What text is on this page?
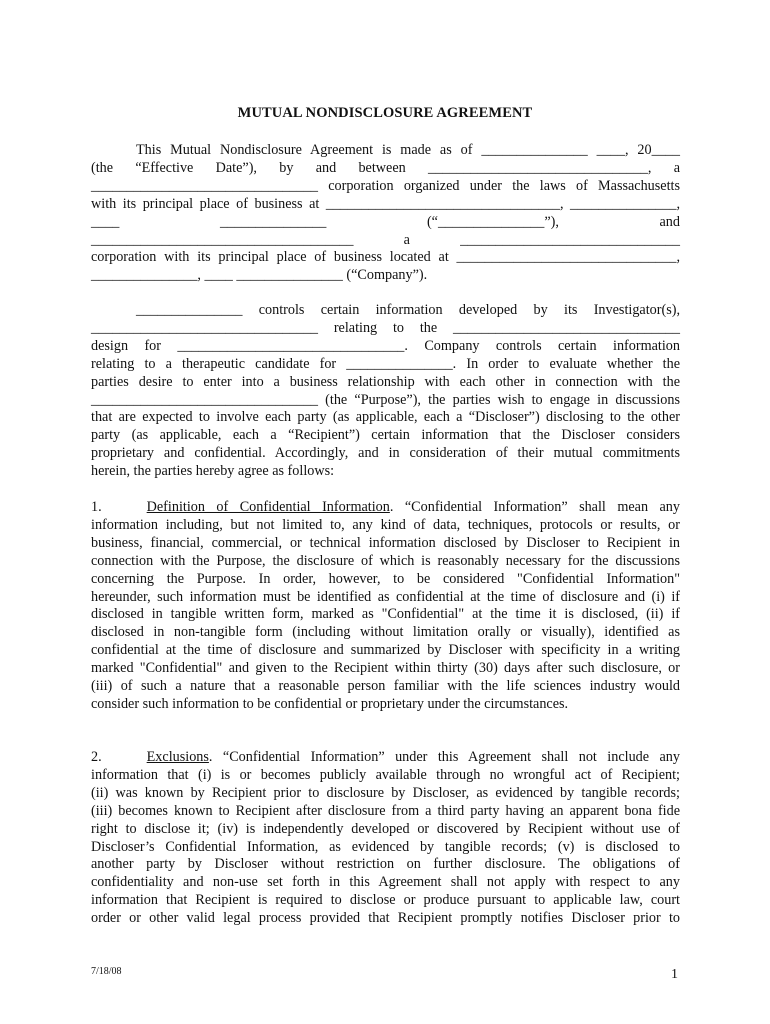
MUTUAL NONDISCLOSURE AGREEMENT
This Mutual Nondisclosure Agreement is made as of _______________ ____, 20____
(the “Effective Date”), by and between _______________________________, a
________________________________ corporation organized under the laws of Massachusetts
with its principal place of business at _________________________________, _______________,
____ _______________ (“_______________”), and
_____________________________________ a _______________________________
corporation with its principal place of business located at _______________________________,
_______________, ____ _______________ (“Company”).
_______________ controls certain information developed by its Investigator(s),
________________________________ relating to the ________________________________
design for ________________________________. Company controls certain information
relating to a therapeutic candidate for _______________. In order to evaluate whether the
parties desire to enter into a business relationship with each other in connection with the
________________________________ (the “Purpose”), the parties wish to engage in discussions
that are expected to involve each party (as applicable, each a “Discloser”) disclosing to the other
party (as applicable, each a “Recipient”) certain information that the Discloser considers
proprietary and confidential. Accordingly, and in consideration of their mutual commitments
herein, the parties hereby agree as follows:
1.	Definition of Confidential Information. “Confidential Information” shall mean any
information including, but not limited to, any kind of data, techniques, protocols or results, or
business, financial, commercial, or technical information disclosed by Discloser to Recipient in
connection with the Purpose, the disclosure of which is reasonably necessary for the discussions
concerning the Purpose. In order, however, to be considered "Confidential Information"
hereunder, such information must be identified as confidential at the time of disclosure and (i) if
disclosed in tangible written form, marked as "Confidential" at the time it is disclosed, (ii) if
disclosed in non-tangible form (including without limitation orally or visually), identified as
confidential at the time of disclosure and summarized by Discloser with specificity in a writing
marked "Confidential" and given to the Recipient within thirty (30) days after such disclosure, or
(iii) of such a nature that a reasonable person familiar with the life sciences industry would
consider such information to be confidential or proprietary under the circumstances.
2.	Exclusions. “Confidential Information” under this Agreement shall not include any
information that (i) is or becomes publicly available through no wrongful act of Recipient;
(ii) was known by Recipient prior to disclosure by Discloser, as evidenced by tangible records;
(iii) becomes known to Recipient after disclosure from a third party having an apparent bona fide
right to disclose it; (iv) is independently developed or discovered by Recipient without use of
Discloser’s Confidential Information, as evidenced by tangible records; (v) is disclosed to
another party by Discloser without restriction on further disclosure. The obligations of
confidentiality and non-use set forth in this Agreement shall not apply with respect to any
information that Recipient is required to disclose or produce pursuant to applicable law, court
order or other valid legal process provided that Recipient promptly notifies Discloser prior to
7/18/08	1
